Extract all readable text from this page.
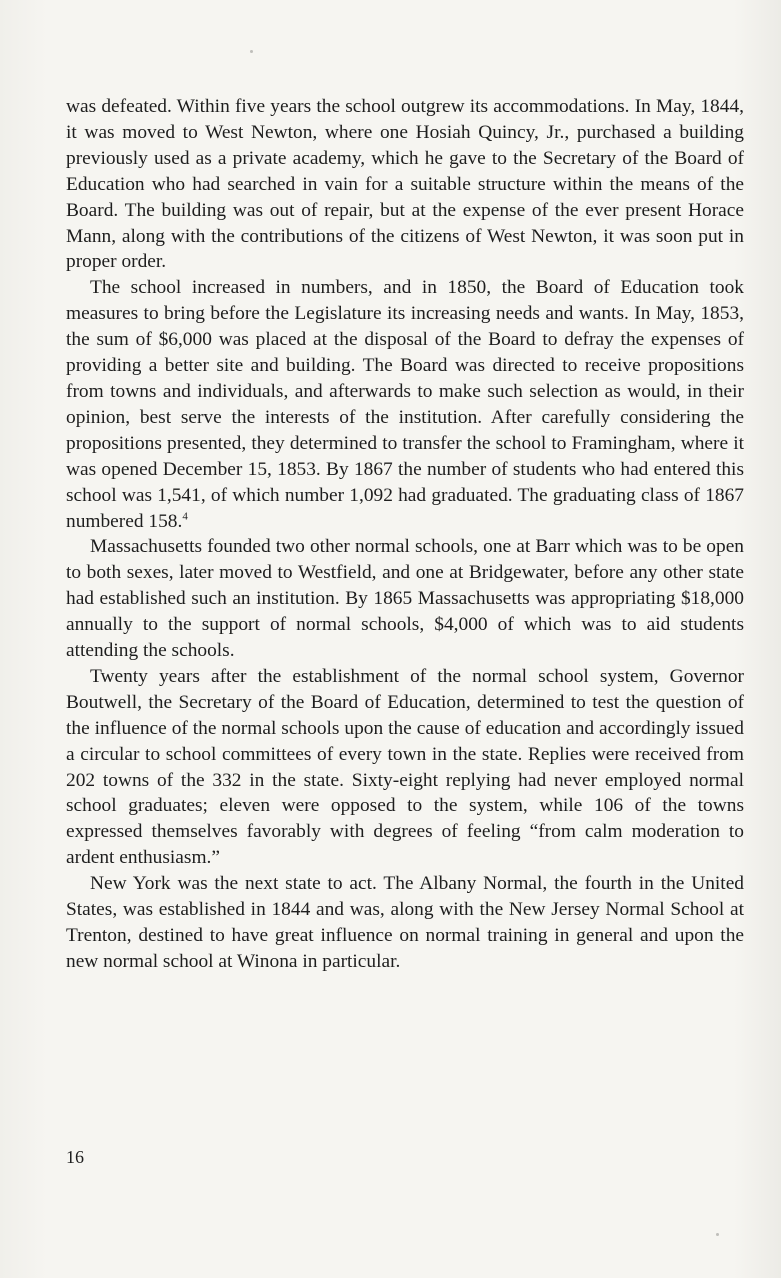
was defeated. Within five years the school outgrew its accommodations. In May, 1844, it was moved to West Newton, where one Hosiah Quincy, Jr., purchased a building previously used as a private academy, which he gave to the Secretary of the Board of Education who had searched in vain for a suitable structure within the means of the Board. The building was out of repair, but at the expense of the ever present Horace Mann, along with the contributions of the citizens of West Newton, it was soon put in proper order.

The school increased in numbers, and in 1850, the Board of Education took measures to bring before the Legislature its increasing needs and wants. In May, 1853, the sum of $6,000 was placed at the disposal of the Board to defray the expenses of providing a better site and building. The Board was directed to receive propositions from towns and individuals, and afterwards to make such selection as would, in their opinion, best serve the interests of the institution. After carefully considering the propositions presented, they determined to transfer the school to Framingham, where it was opened December 15, 1853. By 1867 the number of students who had entered this school was 1,541, of which number 1,092 had graduated. The graduating class of 1867 numbered 158.$^4$

Massachusetts founded two other normal schools, one at Barr which was to be open to both sexes, later moved to Westfield, and one at Bridgewater, before any other state had established such an institution. By 1865 Massachusetts was appropriating $18,000 annually to the support of normal schools, $4,000 of which was to aid students attending the schools.

Twenty years after the establishment of the normal school system, Governor Boutwell, the Secretary of the Board of Education, determined to test the question of the influence of the normal schools upon the cause of education and accordingly issued a circular to school committees of every town in the state. Replies were received from 202 towns of the 332 in the state. Sixty-eight replying had never employed normal school graduates; eleven were opposed to the system, while 106 of the towns expressed themselves favorably with degrees of feeling “from calm moderation to ardent enthusiasm.”

New York was the next state to act. The Albany Normal, the fourth in the United States, was established in 1844 and was, along with the New Jersey Normal School at Trenton, destined to have great influence on normal training in general and upon the new normal school at Winona in particular.

16
